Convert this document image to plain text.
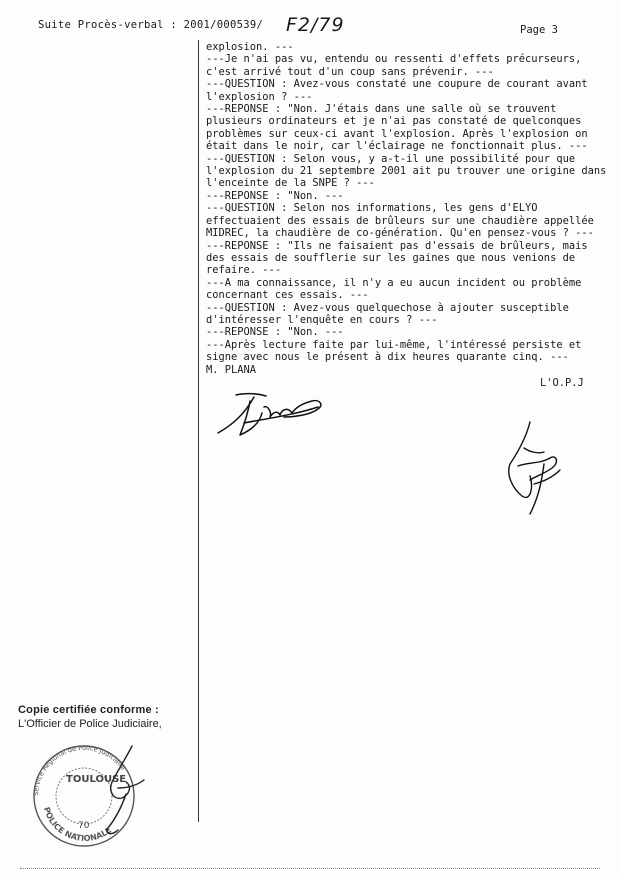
Suite Procès-verbal : 2001/000539/ F2/79	Page 3
explosion. ---
---Je n'ai pas vu, entendu ou ressenti d'effets précurseurs,
c'est arrivé tout d'un coup sans prévenir. ---
---QUESTION : Avez-vous constaté une coupure de courant avant
l'explosion ? ---
---REPONSE : "Non. J'étais dans une salle où se trouvent
plusieurs ordinateurs et je n'ai pas constaté de quelconques
problèmes sur ceux-ci avant l'explosion. Après l'explosion on
était dans le noir, car l'éclairage ne fonctionnait plus. ---
---QUESTION : Selon vous, y a-t-il une possibilité pour que
l'explosion du 21 septembre 2001 ait pu trouver une origine dans
l'enceinte de la SNPE ? ---
---REPONSE : "Non. ---
---QUESTION : Selon nos informations, les gens d'ELYO
effectuaient des essais de brûleurs sur une chaudière appellée
MIDREC, la chaudière de co-génération. Qu'en pensez-vous ? ---
---REPONSE : "Ils ne faisaient pas d'essais de brûleurs, mais
des essais de soufflerie sur les gaines que nous venions de
refaire. ---
---A ma connaissance, il n'y a eu aucun incident ou problème
concernant ces essais. ---
---QUESTION : Avez-vous quelquechose à ajouter susceptible
d'intéresser l'enquête en cours ? ---
---REPONSE : "Non. ---
---Après lecture faite par lui-même, l'intéressé persiste et
signe avec nous le présent à dix heures quarante cinq. ---
M. PLANA
L'O.P.J
Copie certifiée conforme :
L'Officier de Police Judiciaire,
Service Régional de Police Judiciaire
TOULOUSE
70
POLICE NATIONALE
